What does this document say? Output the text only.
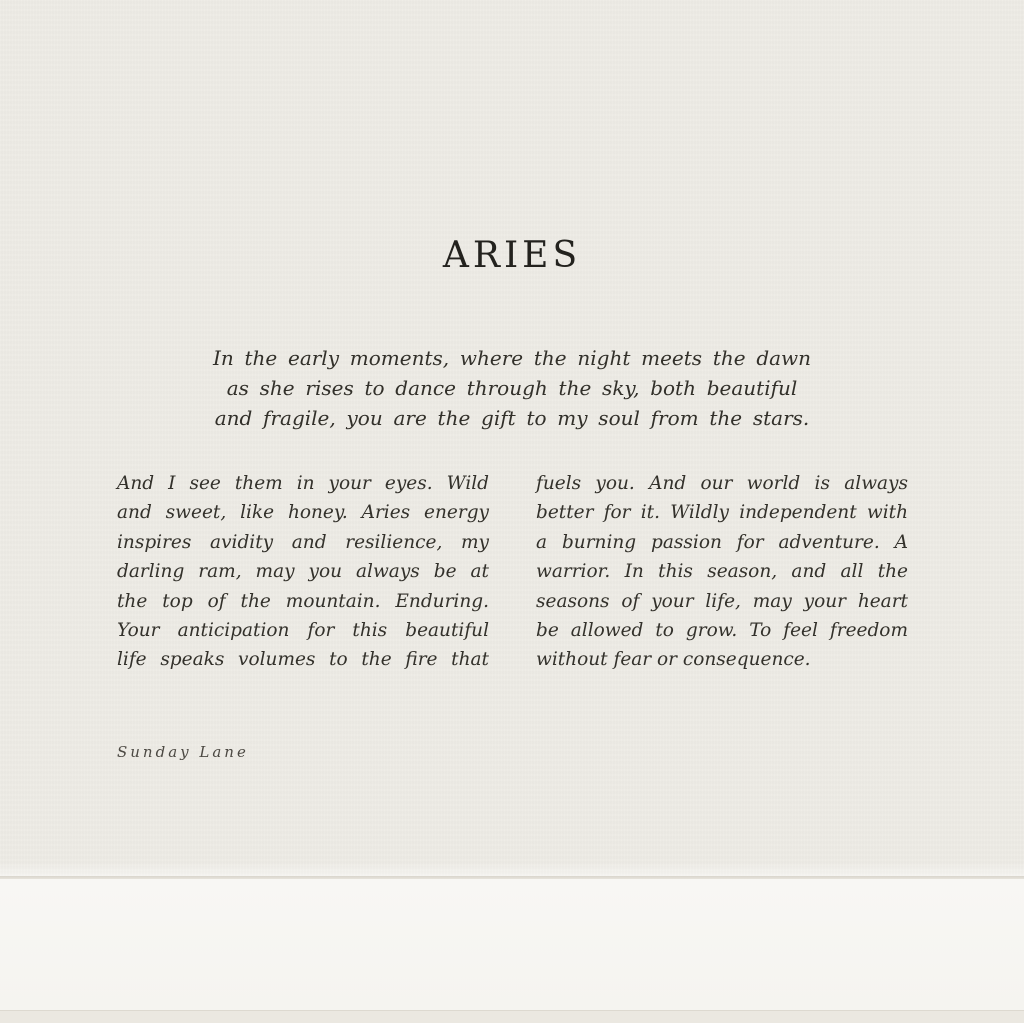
ARIES
In the early moments, where the night meets the dawn
as she rises to dance through the sky, both beautiful
and fragile, you are the gift to my soul from the stars.
And I see them in your eyes. Wild
and sweet, like honey. Aries energy
inspires avidity and resilience, my
darling ram, may you always be at
the top of the mountain. Enduring.
Your anticipation for this beautiful
life speaks volumes to the fire that
fuels you. And our world is always
better for it. Wildly independent with
a burning passion for adventure. A
warrior. In this season, and all the
seasons of your life, may your heart
be allowed to grow. To feel freedom
without fear or consequence.
Sunday Lane
